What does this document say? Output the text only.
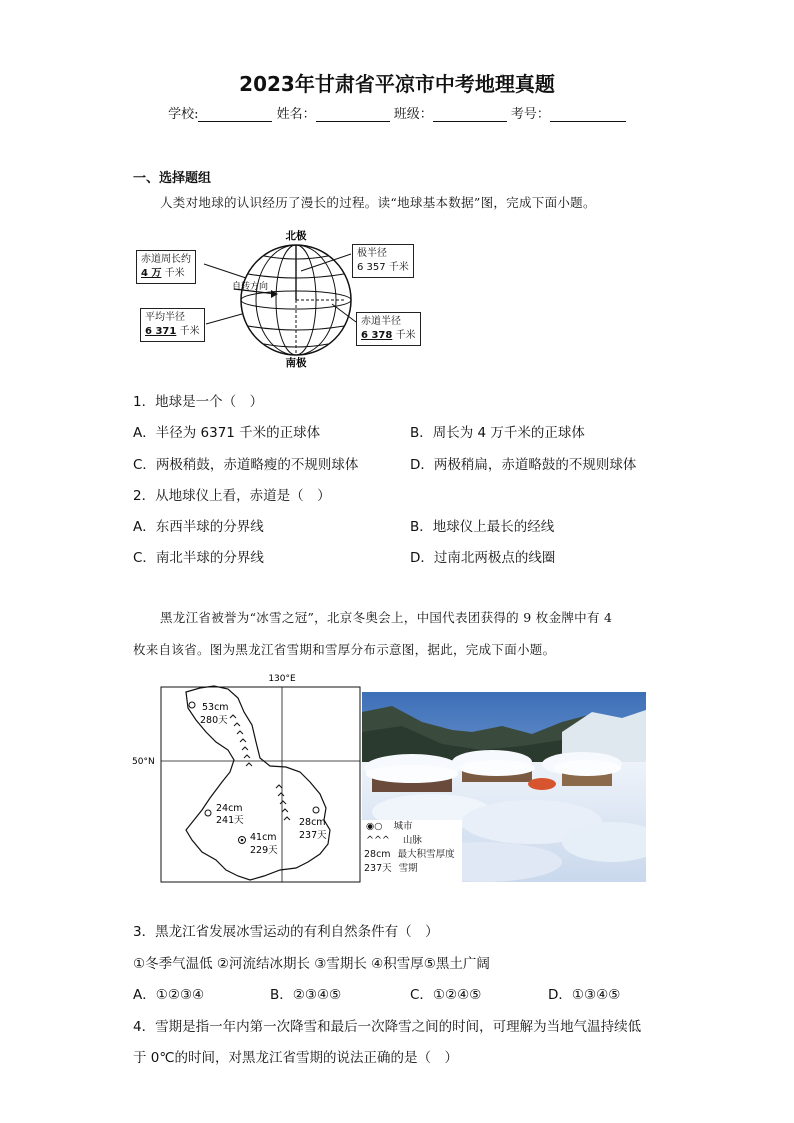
2023年甘肃省平凉市中考地理真题
学校:	姓名：	班级：	考号：
一、选择题组
人类对地球的认识经历了漫长的过程。读“地球基本数据”图，完成下面小题。
北极
南极
自转方向
赤道周长约
4 万 千米
平均半径
6 371 千米
极半径
6 357 千米
赤道半径
6 378 千米
1．地球是一个（　）
A．半径为 6371 千米的正球体	B．周长为 4 万千米的正球体
C．两极稍鼓，赤道略瘦的不规则球体	D．两极稍扁，赤道略鼓的不规则球体
2．从地球仪上看，赤道是（　）
A．东西半球的分界线	B．地球仪上最长的经线
C．南北半球的分界线	D．过南北两极点的线圈
黑龙江省被誉为“冰雪之冠”，北京冬奥会上，中国代表团获得的 9 枚金牌中有 4
枚来自该省。图为黑龙江省雪期和雪厚分布示意图，据此，完成下面小题。
130°E
50°N
53cm
280天
24cm
241天
41cm
229天
28cm
237天
◉○ 城市
^^^ 山脉
28cm 最大积雪厚度
237天 雪期
3．黑龙江省发展冰雪运动的有利自然条件有（　）
①冬季气温低 ②河流结冰期长 ③雪期长 ④积雪厚⑤黑土广阔
A．①②③④	B．②③④⑤	C．①②④⑤	D．①③④⑤
4．雪期是指一年内第一次降雪和最后一次降雪之间的时间，可理解为当地气温持续低
于 0℃的时间，对黑龙江省雪期的说法正确的是（　）
